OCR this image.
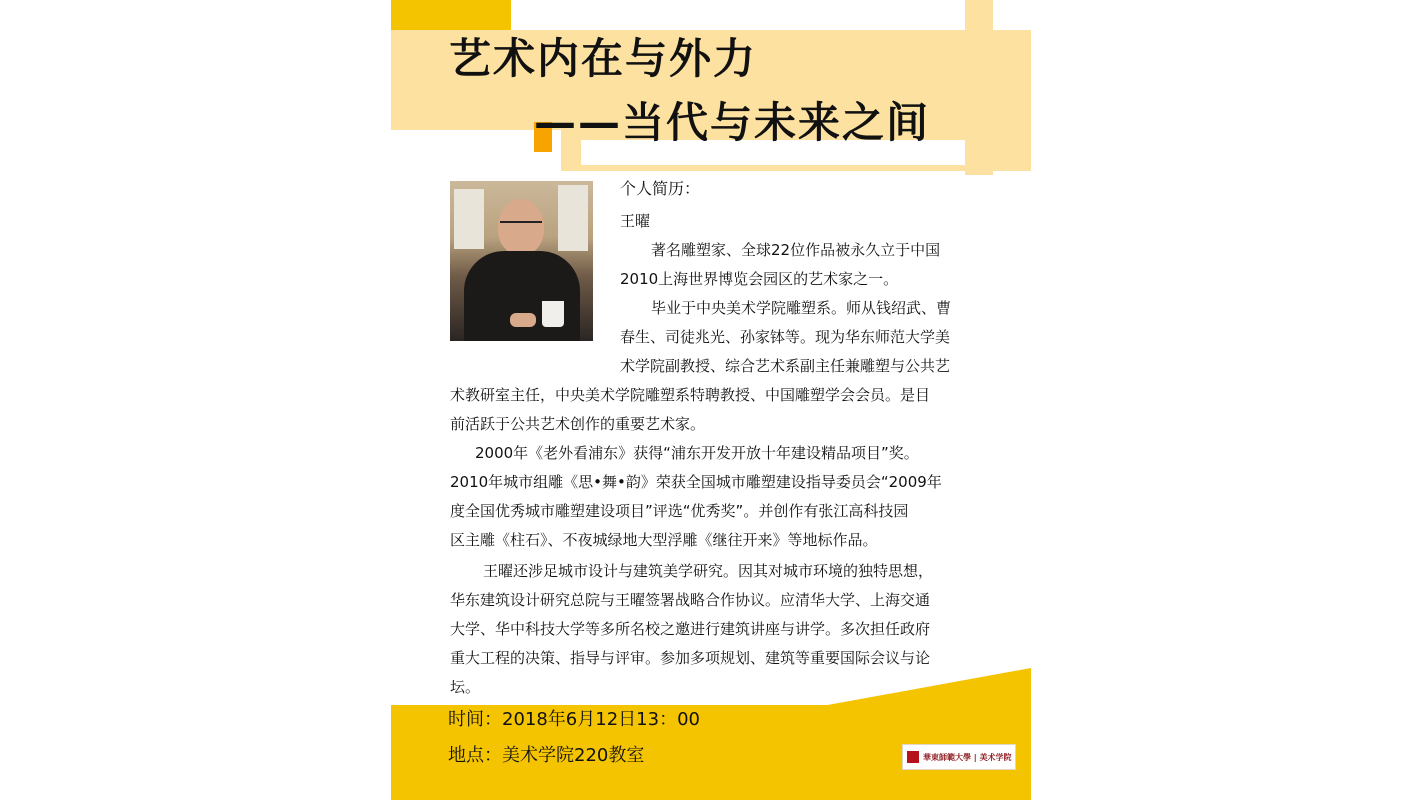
艺术内在与外力
——当代与未来之间
个人简历：
王曜
著名雕塑家、全球22位作品被永久立于中国
2010上海世界博览会园区的艺术家之一。
毕业于中央美术学院雕塑系。师从钱绍武、曹
春生、司徒兆光、孙家钵等。现为华东师范大学美
术学院副教授、综合艺术系副主任兼雕塑与公共艺
术教研室主任，中央美术学院雕塑系特聘教授、中国雕塑学会会员。是目
前活跃于公共艺术创作的重要艺术家。
2000年《老外看浦东》获得“浦东开发开放十年建设精品项目”奖。
2010年城市组雕《思•舞•韵》荣获全国城市雕塑建设指导委员会“2009年
度全国优秀城市雕塑建设项目”评选“优秀奖”。并创作有张江高科技园
区主雕《柱石》、不夜城绿地大型浮雕《继往开来》等地标作品。
王曜还涉足城市设计与建筑美学研究。因其对城市环境的独特思想，
华东建筑设计研究总院与王曜签署战略合作协议。应清华大学、上海交通
大学、华中科技大学等多所名校之邀进行建筑讲座与讲学。多次担任政府
重大工程的决策、指导与评审。参加多项规划、建筑等重要国际会议与论
坛。
时间：2018年6月12日13：00
地点：美术学院220教室	華東師範大學 | 美术学院
